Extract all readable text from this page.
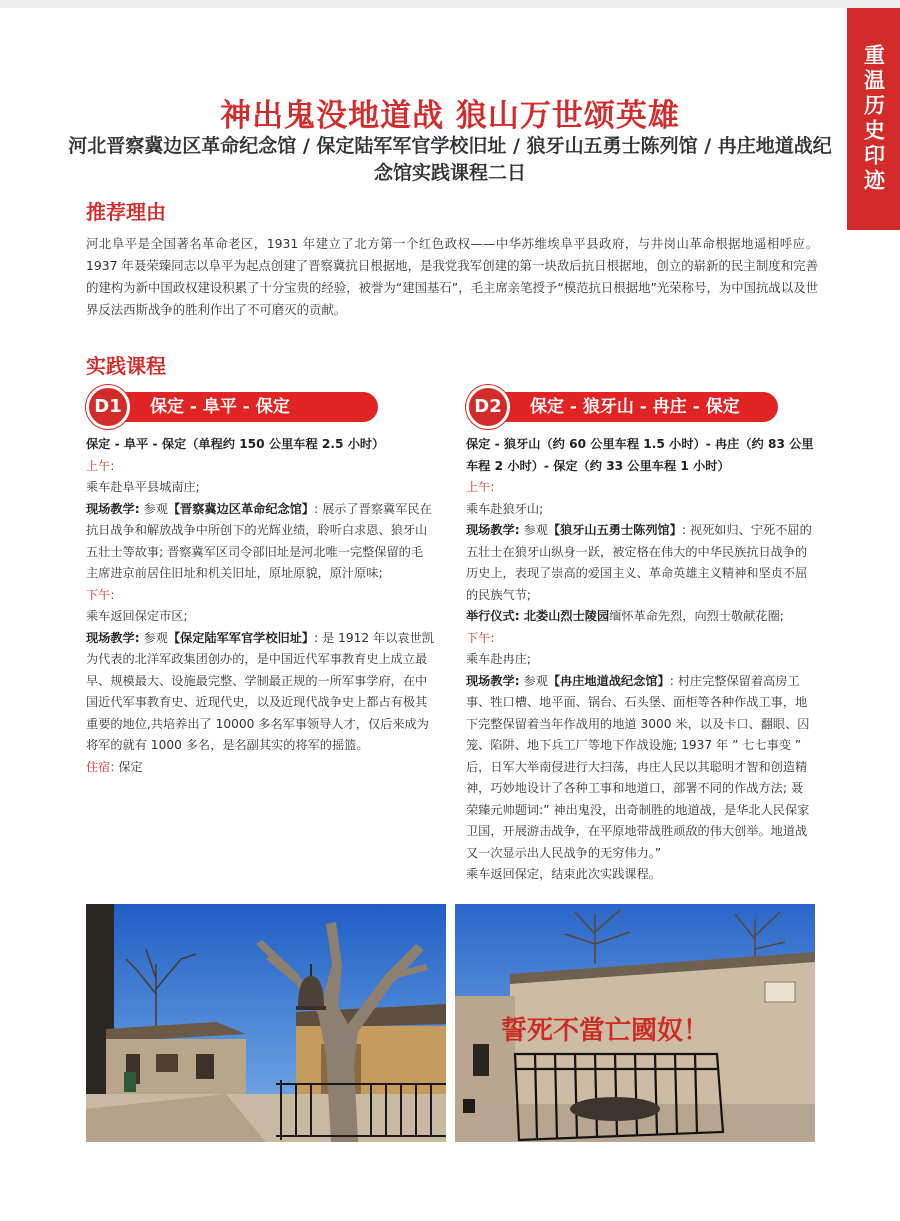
重温历史印迹
神出鬼没地道战 狼山万世颂英雄
河北晋察冀边区革命纪念馆 / 保定陆军军官学校旧址 / 狼牙山五勇士陈列馆 / 冉庄地道战纪念馆实践课程二日
推荐理由
河北阜平是全国著名革命老区，1931 年建立了北方第一个红色政权——中华苏维埃阜平县政府，与井岗山革命根据地遥相呼应。1937 年聂荣臻同志以阜平为起点创建了晋察冀抗日根据地，是我党我军创建的第一块敌后抗日根据地，创立的崭新的民主制度和完善的建构为新中国政权建设积累了十分宝贵的经验，被誉为“建国基石”，毛主席亲笔授予“模范抗日根据地”光荣称号，为中国抗战以及世界反法西斯战争的胜利作出了不可磨灭的贡献。
实践课程
保定 - 阜平 - 保定
D1	保定 - 狼牙山 - 冉庄 - 保定
D2

保定 - 阜平 - 保定（单程约 150 公里车程 2.5 小时）

上午:

乘车赴阜平县城南庄;

现场教学: 参观【晋察冀边区革命纪念馆】: 展示了晋察冀军民在抗日战争和解放战争中所创下的光辉业绩，聆听白求恩、狼牙山五壮士等故事; 晋察冀军区司令部旧址是河北唯一完整保留的毛主席进京前居住旧址和机关旧址，原址原貌，原汁原味;

下午:

乘车返回保定市区;

现场教学: 参观【保定陆军军官学校旧址】: 是 1912 年以袁世凯为代表的北洋军政集团创办的，是中国近代军事教育史上成立最早、规模最大、设施最完整、学制最正规的一所军事学府，在中国近代军事教育史、近现代史，以及近现代战争史上都占有极其重要的地位,共培养出了 10000 多名军事领导人才，仅后来成为将军的就有 1000 多名，是名副其实的将军的摇篮。

住宿: 保定

保定 - 狼牙山（约 60 公里车程 1.5 小时）- 冉庄（约 83 公里车程 2 小时）- 保定（约 33 公里车程 1 小时）

上午:

乘车赴狼牙山;

现场教学: 参观【狼牙山五勇士陈列馆】: 视死如归、宁死不屈的五壮士在狼牙山纵身一跃，被定格在伟大的中华民族抗日战争的历史上，表现了崇高的爱国主义、革命英雄主义精神和坚贞不屈的民族气节;

举行仪式: 北娄山烈士陵园缅怀革命先烈，向烈士敬献花圈;

下午:

乘车赴冉庄;

现场教学: 参观【冉庄地道战纪念馆】: 村庄完整保留着高房工事、牲口槽、地平面、锅台、石头堡、面柜等各种作战工事，地下完整保留着当年作战用的地道 3000 米，以及卡口、翻眼、囚笼、陷阱、地下兵工厂等地下作战设施; 1937 年 ” 七七事变 ” 后，日军大举南侵进行大扫荡，冉庄人民以其聪明才智和创造精神，巧妙地设计了各种工事和地道口，部署不同的作战方法; 聂荣臻元帅题词:” 神出鬼没，出奇制胜的地道战，是华北人民保家卫国，开展游击战争，在平原地带战胜顽敌的伟大创举。地道战又一次显示出人民战争的无穷伟力。”

乘车返回保定，结束此次实践课程。

誓死不當亡國奴！
